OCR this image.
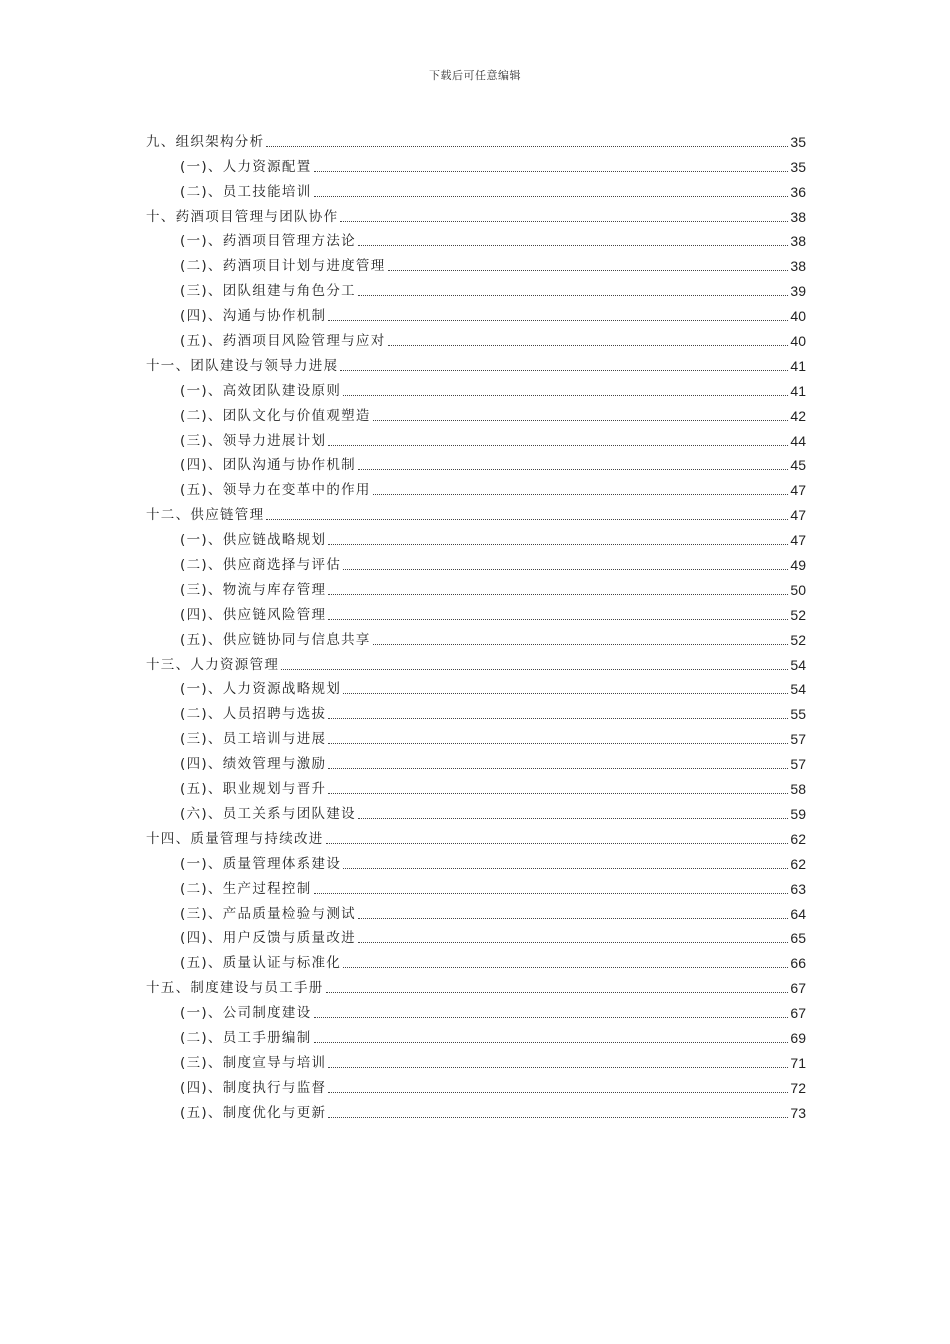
下载后可任意编辑
九、组织架构分析	35
(一)、人力资源配置	35
(二)、员工技能培训	36
十、药酒项目管理与团队协作	38
(一)、药酒项目管理方法论	38
(二)、药酒项目计划与进度管理	38
(三)、团队组建与角色分工	39
(四)、沟通与协作机制	40
(五)、药酒项目风险管理与应对	40
十一、团队建设与领导力进展	41
(一)、高效团队建设原则	41
(二)、团队文化与价值观塑造	42
(三)、领导力进展计划	44
(四)、团队沟通与协作机制	45
(五)、领导力在变革中的作用	47
十二、供应链管理	47
(一)、供应链战略规划	47
(二)、供应商选择与评估	49
(三)、物流与库存管理	50
(四)、供应链风险管理	52
(五)、供应链协同与信息共享	52
十三、人力资源管理	54
(一)、人力资源战略规划	54
(二)、人员招聘与选拔	55
(三)、员工培训与进展	57
(四)、绩效管理与激励	57
(五)、职业规划与晋升	58
(六)、员工关系与团队建设	59
十四、质量管理与持续改进	62
(一)、质量管理体系建设	62
(二)、生产过程控制	63
(三)、产品质量检验与测试	64
(四)、用户反馈与质量改进	65
(五)、质量认证与标准化	66
十五、制度建设与员工手册	67
(一)、公司制度建设	67
(二)、员工手册编制	69
(三)、制度宣导与培训	71
(四)、制度执行与监督	72
(五)、制度优化与更新	73
